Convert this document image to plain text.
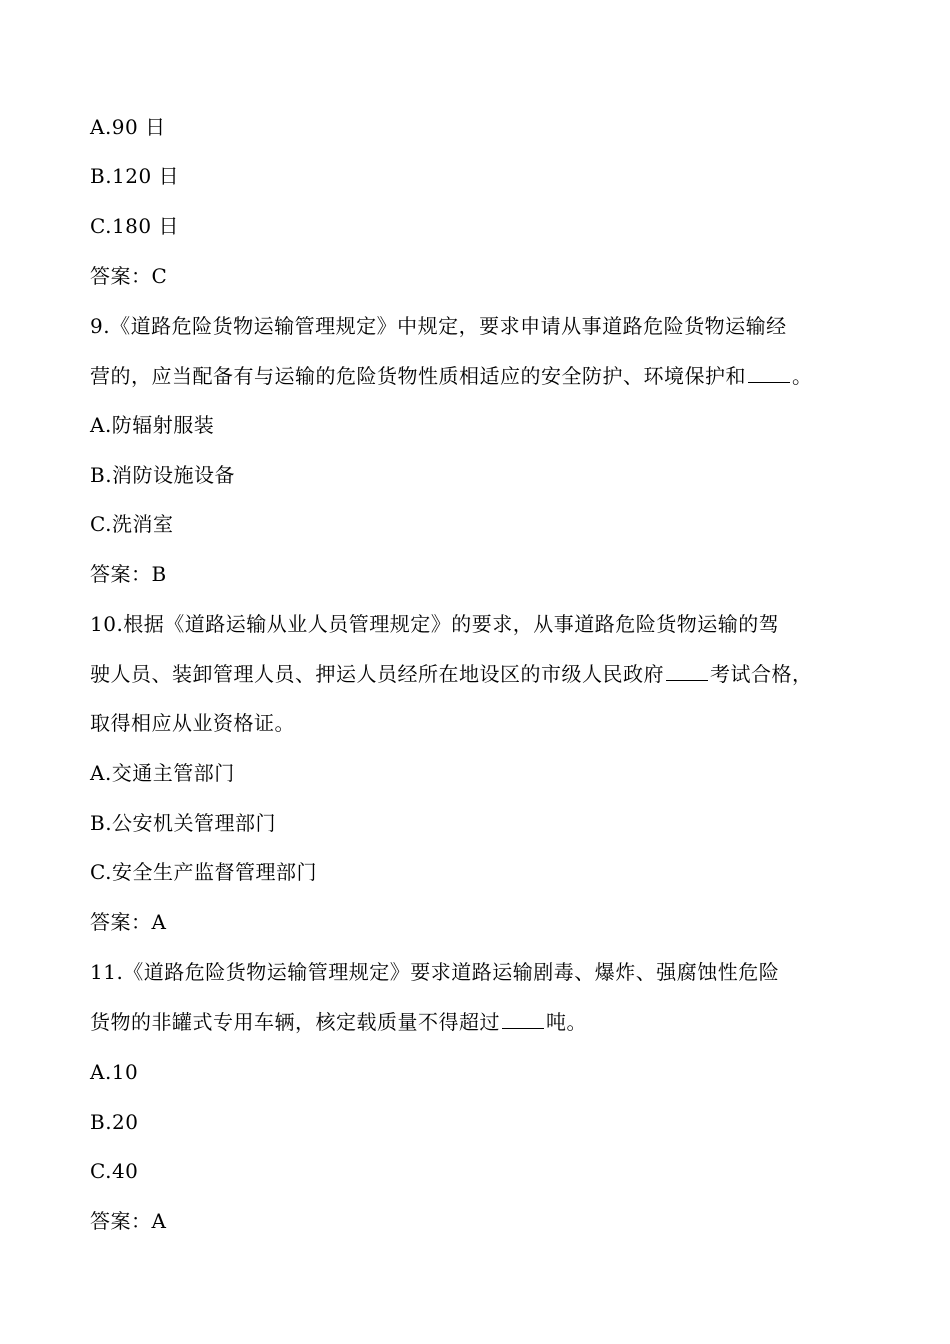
A.90 日
B.120 日
C.180 日
答案：C
9.《道路危险货物运输管理规定》中规定，要求申请从事道路危险货物运输经
营的，应当配备有与运输的危险货物性质相适应的安全防护、环境保护和 。
A.防辐射服装
B.消防设施设备
C.洗消室
答案：B
10.根据《道路运输从业人员管理规定》的要求，从事道路危险货物运输的驾
驶人员、装卸管理人员、押运人员经所在地设区的市级人民政府 考试合格，
取得相应从业资格证。
A.交通主管部门
B.公安机关管理部门
C.安全生产监督管理部门
答案：A
11.《道路危险货物运输管理规定》要求道路运输剧毒、爆炸、强腐蚀性危险
货物的非罐式专用车辆，核定载质量不得超过 吨。
A.10
B.20
C.40
答案：A
